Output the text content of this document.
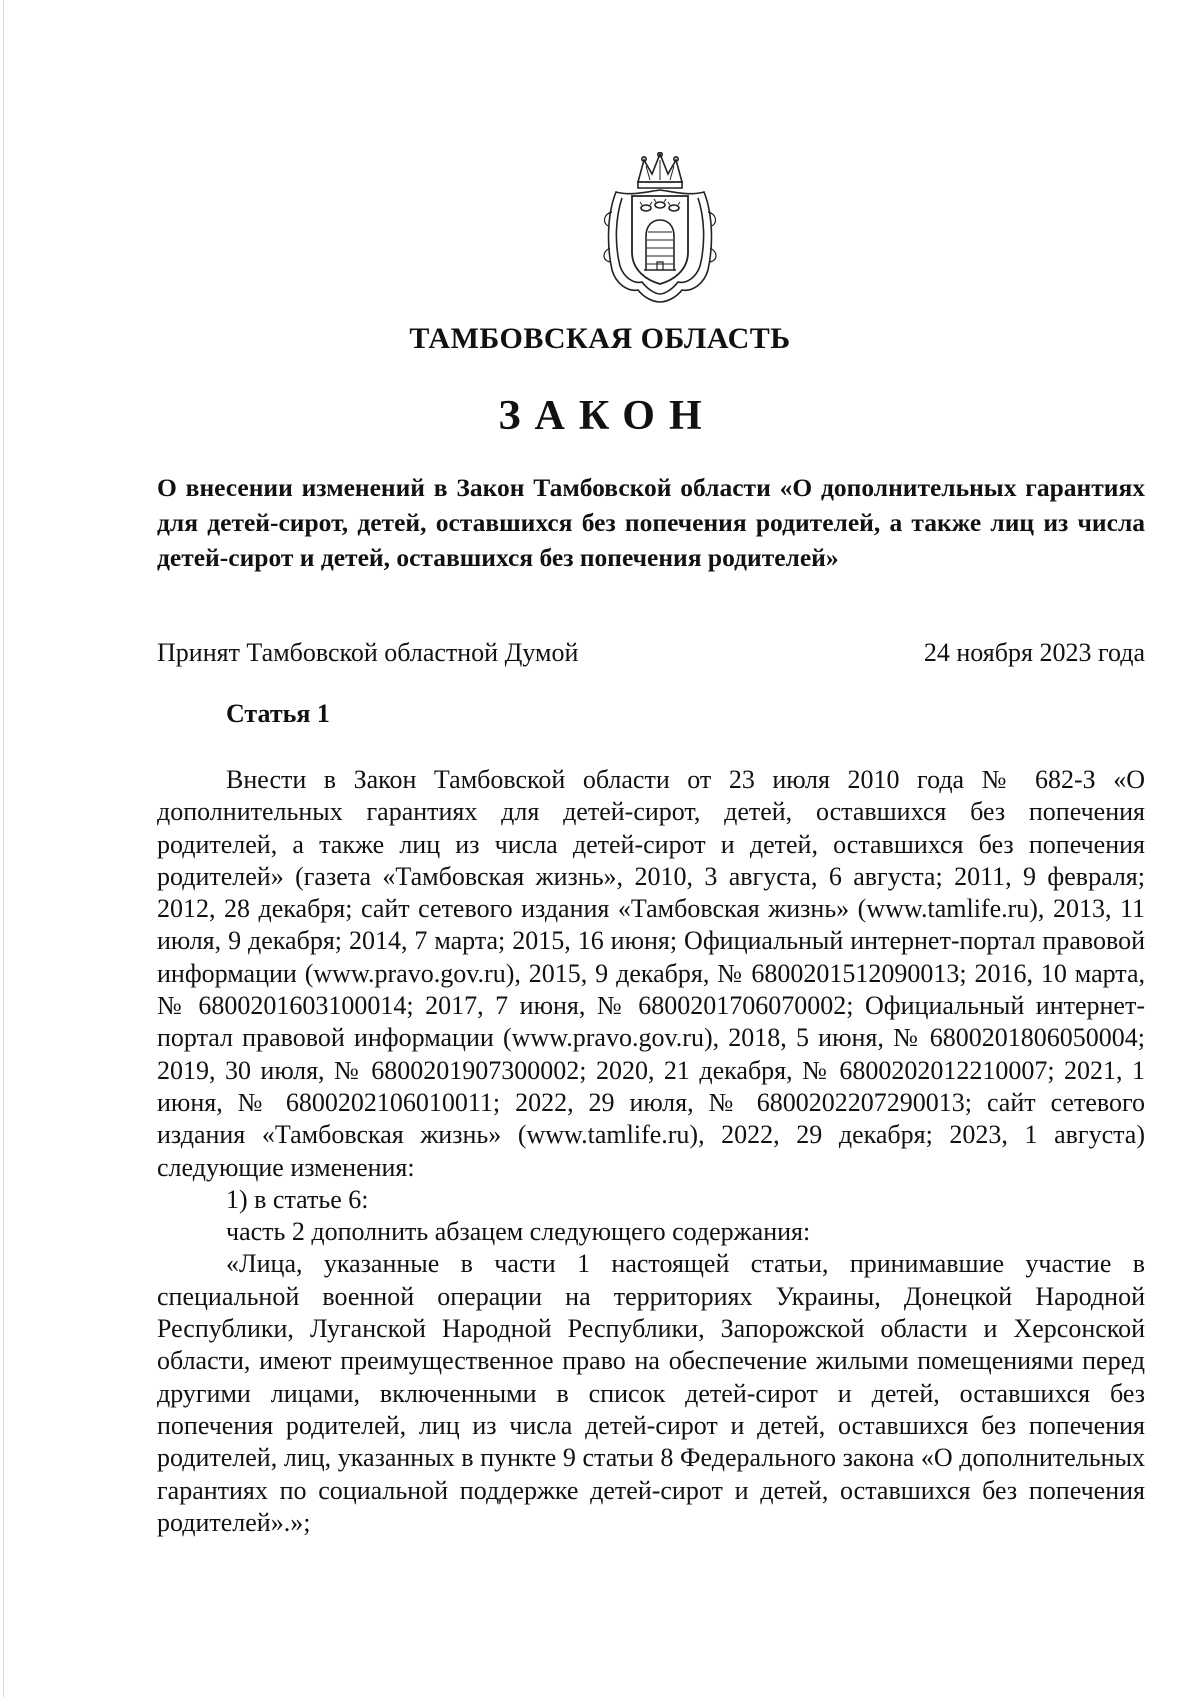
ТАМБОВСКАЯ ОБЛАСТЬ
ЗАКОН

О внесении изменений в Закон Тамбовской области «О дополнительных гарантиях для детей-сирот, детей, оставшихся без попечения родителей, а также лиц из числа детей-сирот и детей, оставшихся без попечения родителей»

Принят Тамбовской областной Думой	24 ноября 2023 года
Статья 1

Внести в Закон Тамбовской области от 23 июля 2010 года № 682-З «О дополнительных гарантиях для детей-сирот, детей, оставшихся без попечения родителей, а также лиц из числа детей-сирот и детей, оставшихся без попечения родителей» (газета «Тамбовская жизнь», 2010, 3 августа, 6 августа; 2011, 9 февраля; 2012, 28 декабря; сайт сетевого издания «Тамбовская жизнь» (www.tamlife.ru), 2013, 11 июля, 9 декабря; 2014, 7 марта; 2015, 16 июня; Официальный интернет-портал правовой информации (www.pravo.gov.ru), 2015, 9 декабря, № 6800201512090013; 2016, 10 марта, № 6800201603100014; 2017, 7 июня, № 6800201706070002; Официальный интернет-портал правовой информации (www.pravo.gov.ru), 2018, 5 июня, № 6800201806050004; 2019, 30 июля, № 6800201907300002; 2020, 21 декабря, № 6800202012210007; 2021, 1 июня, № 6800202106010011; 2022, 29 июля, № 6800202207290013; сайт сетевого издания «Тамбовская жизнь» (www.tamlife.ru), 2022, 29 декабря; 2023, 1 августа) следующие изменения:

1) в статье 6:

часть 2 дополнить абзацем следующего содержания:

«Лица, указанные в части 1 настоящей статьи, принимавшие участие в специальной военной операции на территориях Украины, Донецкой Народной Республики, Луганской Народной Республики, Запорожской области и Херсонской области, имеют преимущественное право на обеспечение жилыми помещениями перед другими лицами, включенными в список детей-сирот и детей, оставшихся без попечения родителей, лиц из числа детей-сирот и детей, оставшихся без попечения родителей, лиц, указанных в пункте 9 статьи 8 Федерального закона «О дополнительных гарантиях по социальной поддержке детей-сирот и детей, оставшихся без попечения родителей».»;
